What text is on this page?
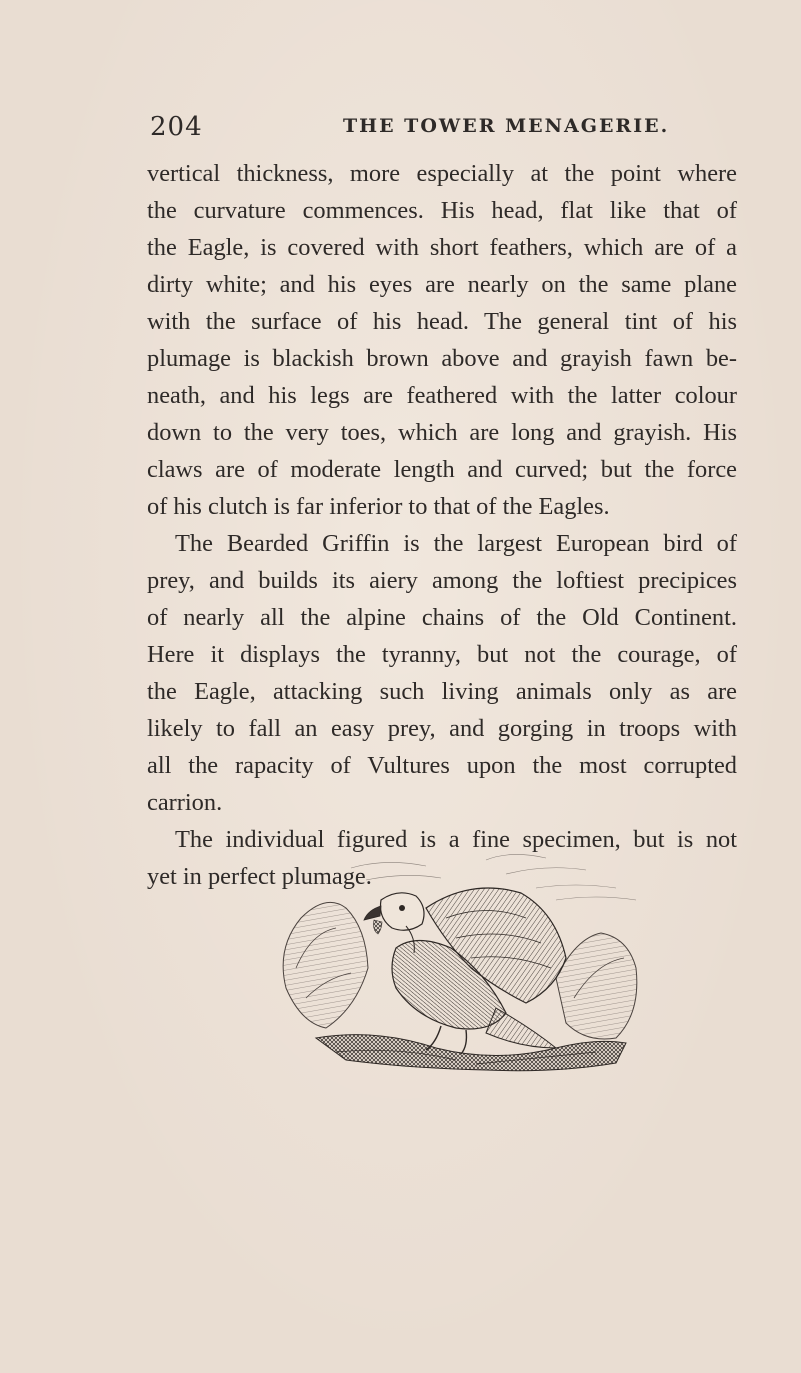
204	THE TOWER MENAGERIE.
vertical thickness, more especially at the point where
the curvature commences. His head, flat like that of
the Eagle, is covered with short feathers, which are of a
dirty white; and his eyes are nearly on the same plane
with the surface of his head. The general tint of his
plumage is blackish brown above and grayish fawn be-
neath, and his legs are feathered with the latter colour
down to the very toes, which are long and grayish. His
claws are of moderate length and curved; but the force
of his clutch is far inferior to that of the Eagles.
The Bearded Griffin is the largest European bird of
prey, and builds its aiery among the loftiest precipices
of nearly all the alpine chains of the Old Continent.
Here it displays the tyranny, but not the courage, of
the Eagle, attacking such living animals only as are
likely to fall an easy prey, and gorging in troops with
all the rapacity of Vultures upon the most corrupted
carrion.
The individual figured is a fine specimen, but is not
yet in perfect plumage.
